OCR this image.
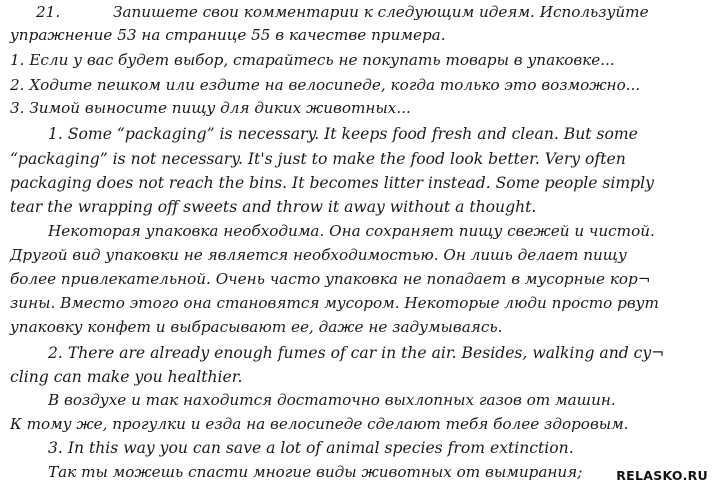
21.	Запишете свои комментарии к следующим идеям. Используйте
упражнение 53 на странице 55 в качестве примера.
1. Если у вас будет выбор, старайтесь не покупать товары в упаковке...
2. Ходите пешком или ездите на велосипеде, когда только это возможно...
3. Зимой выносите пищу для диких животных...
1. Some “packaging” is necessary. It keeps food fresh and clean. But some
“packaging” is not necessary. It's just to make the food look better. Very often
packaging does not reach the bins. It becomes litter instead. Some people simply
tear the wrapping off sweets and throw it away without a thought.
Некоторая упаковка необходима. Она сохраняет пищу свежей и чистой.
Другой вид упаковки не является необходимостью. Он лишь делает пищу
более привлекательной. Очень часто упаковка не попадает в мусорные кор¬
зины. Вместо этого она становятся мусором. Некоторые люди просто рвут
упаковку конфет и выбрасывают ее, даже не задумываясь.
2. There are already enough fumes of car in the air. Besides, walking and cy¬
cling can make you healthier.
В воздухе и так находится достаточно выхлопных газов от машин.
К тому же, прогулки и езда на велосипеде сделают тебя более здоровым.
3. In this way you can save a lot of animal species from extinction.
Так ты можешь спасти многие виды животных от вымирания;	RELASKO.RU
